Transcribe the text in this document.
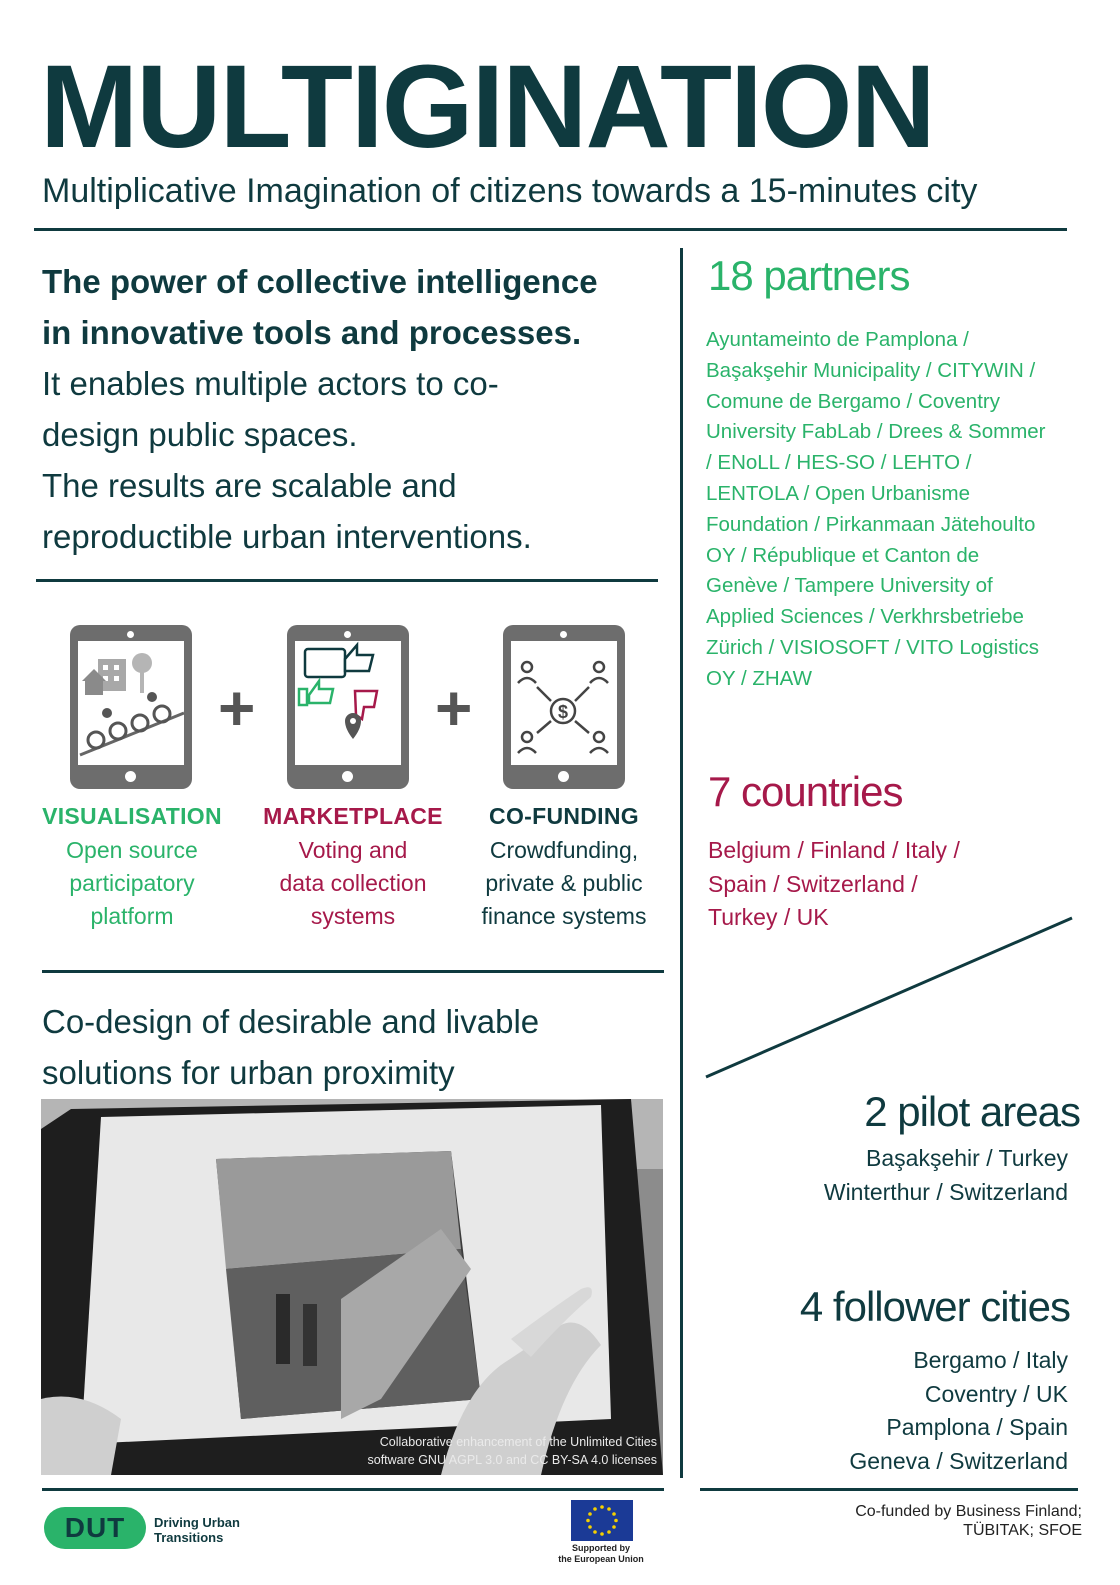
MULTIGINATION
Multiplicative Imagination of citizens towards a 15-minutes city
The power of collective intelligence
in innovative tools and processes.
It enables multiple actors to co-
design public spaces.
The results are scalable and
reproductible urban interventions.
+	+	$
VISUALISATION
Open source
participatory
platform
MARKETPLACE
Voting and
data collection
systems
CO-FUNDING
Crowdfunding,
private & public
finance systems
Co-design of desirable and livable
solutions for urban proximity
Collaborative enhancement of the Unlimited Cities
software GNU AGPL 3.0 and CC BY-SA 4.0 licenses
18 partners
Ayuntameinto de Pamplona /
Başakşehir Municipality / CITYWIN /
Comune de Bergamo / Coventry
University FabLab / Drees & Sommer
/ ENoLL / HES-SO / LEHTO /
LENTOLA / Open Urbanisme
Foundation / Pirkanmaan Jätehoulto
OY / République et Canton de
Genève / Tampere University of
Applied Sciences / Verkhrsbetriebe
Zürich / VISIOSOFT / VITO Logistics
OY / ZHAW
7 countries
Belgium / Finland / Italy /
Spain / Switzerland /
Turkey / UK
2 pilot areas
Başakşehir / Turkey
Winterthur / Switzerland
4 follower cities
Bergamo / Italy
Coventry / UK
Pamplona / Spain
Geneva / Switzerland
DUT	Driving Urban
Transitions
Supported by
the European Union
Co-funded by Business Finland;
TÜBITAK; SFOE
